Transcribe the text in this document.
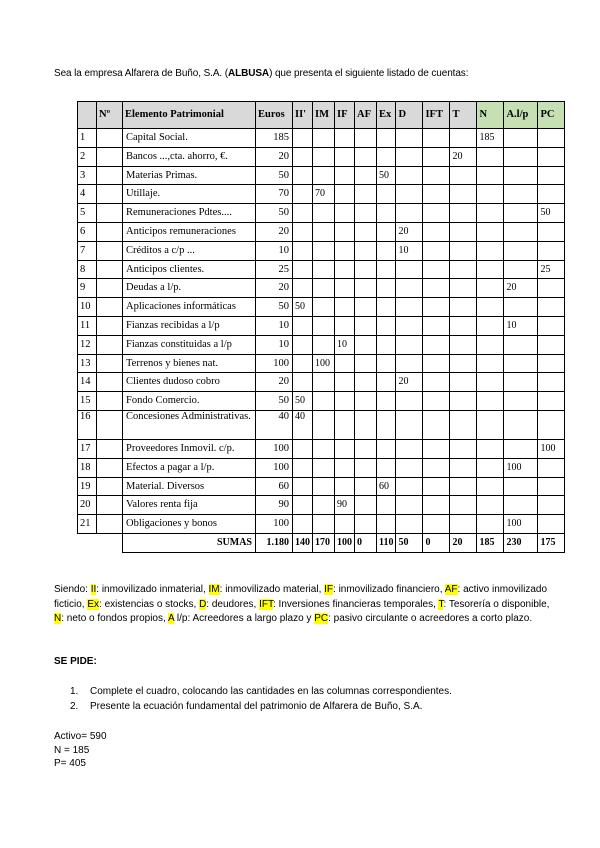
Sea la empresa Alfarera de Buño, S.A. (ALBUSA) que presenta el siguiente listado de cuentas:
	Nº	Elemento Patrimonial	Euros	II'	IM	IF	AF	Ex	D	IFT	T	N	A.l/p	PC
1		Capital Social.	185									185		
2		Bancos ...,cta. ahorro, €.	20								20			
3		Materias Primas.	50					50						
4		Utillaje.	70		70									
5		Remuneraciones Pdtes....	50											50
6		Anticipos remuneraciones	20						20					
7		Créditos a c/p ...	10						10					
8		Anticipos clientes.	25											25
9		Deudas a l/p.	20										20	
10		Aplicaciones informáticas	50	50										
11		Fianzas recibidas a l/p	10										10	
12		Fianzas constituidas a l/p	10			10								
13		Terrenos y bienes nat.	100		100									
14		Clientes dudoso cobro	20						20					
15		Fondo Comercio.	50	50										
16		Concesiones Administrativas.	40	40										
17		Proveedores Inmovil. c/p.	100											100
18		Efectos a pagar a l/p.	100										100	
19		Material. Diversos	60					60						
20		Valores renta fija	90			90								
21		Obligaciones y bonos	100										100	
		SUMAS	1.180	140	170	100	0	110	50	0	20	185	230	175
Siendo: II: inmovilizado inmaterial, IM: inmovilizado material, IF: inmovilizado financiero, AF: activo inmovilizado ficticio, Ex: existencias o stocks, D: deudores, IFT: Inversiones financieras temporales, T: Tesorería o disponible, N: neto o fondos propios, A l/p: Acreedores a largo plazo y PC: pasivo circulante o acreedores a corto plazo.
SE PIDE:
1. Complete el cuadro, colocando las cantidades en las columnas correspondientes.
2. Presente la ecuación fundamental del patrimonio de Alfarera de Buño, S.A.
Activo= 590
N = 185
P= 405
